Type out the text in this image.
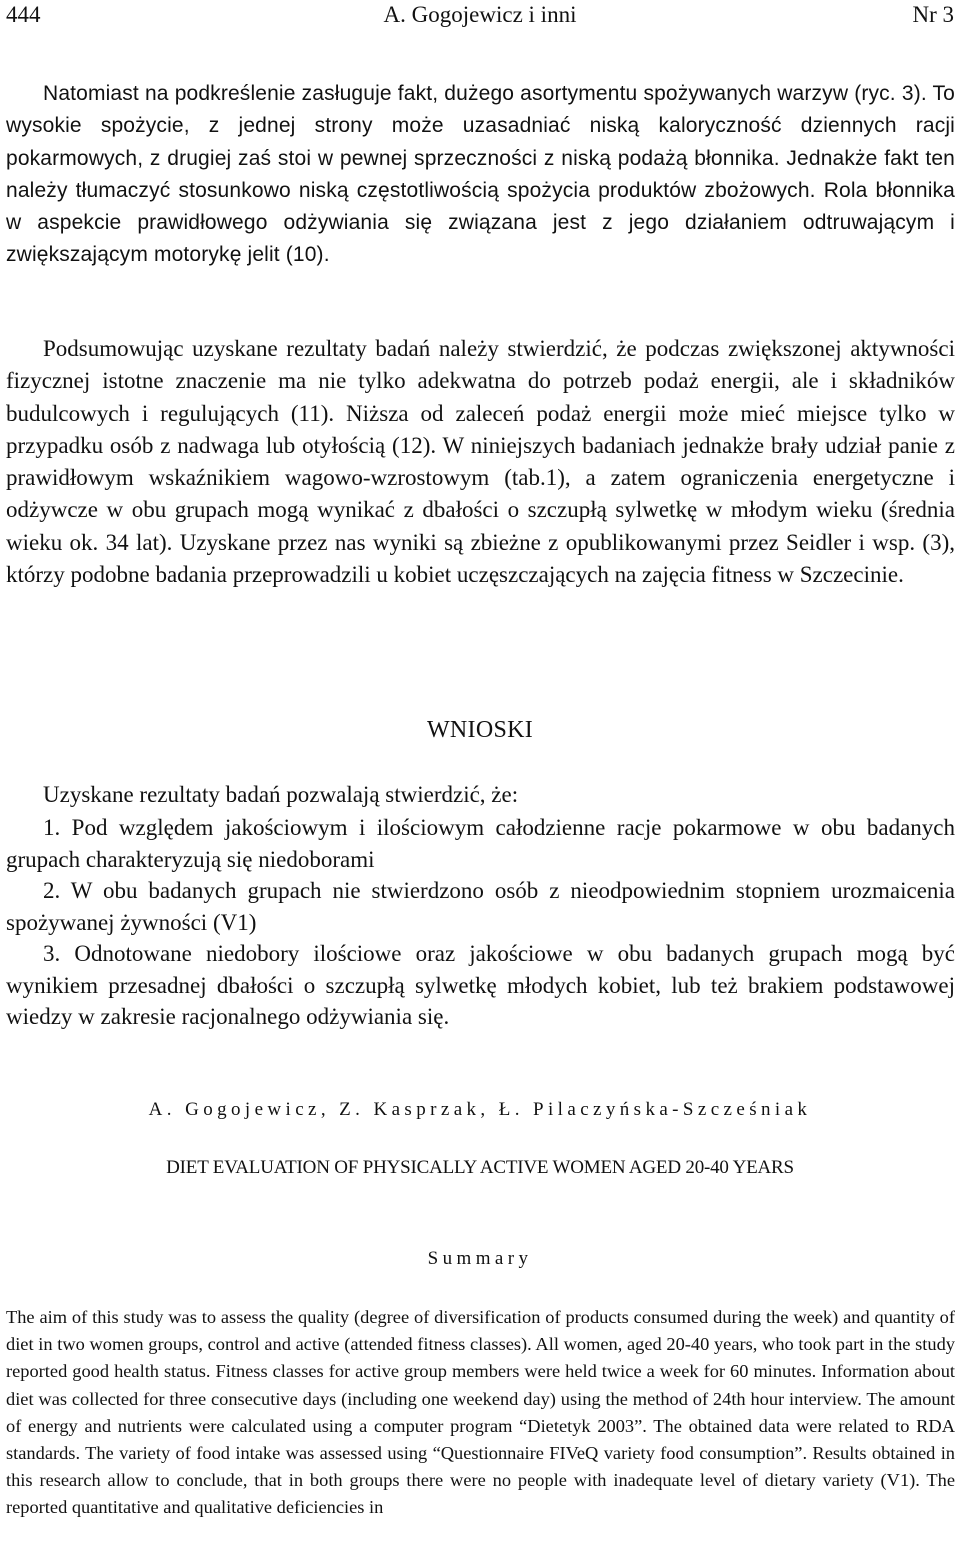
444	A. Gogojewicz i inni	Nr 3

Natomiast na podkreślenie zasługuje fakt, dużego asortymentu spożywanych warzyw (ryc. 3). To wysokie spożycie, z jednej strony może uzasadniać niską kaloryczność dziennych racji pokarmowych, z drugiej zaś stoi w pewnej sprzeczności z niską podażą błonnika. Jednakże fakt ten należy tłumaczyć stosunkowo niską częstotliwością spożycia produktów zbożowych. Rola błonnika w aspekcie prawidłowego odżywiania się związana jest z jego działaniem odtruwającym i zwiększającym motorykę jelit (10).

Podsumowując uzyskane rezultaty badań należy stwierdzić, że podczas zwiększonej aktywności fizycznej istotne znaczenie ma nie tylko adekwatna do potrzeb podaż energii, ale i składników budulcowych i regulujących (11). Niższa od zaleceń podaż energii może mieć miejsce tylko w przypadku osób z nadwaga lub otyłością (12). W niniejszych badaniach jednakże brały udział panie z prawidłowym wskaźnikiem wagowo-wzrostowym (tab.1), a zatem ograniczenia energetyczne i odżywcze w obu grupach mogą wynikać z dbałości o szczupłą sylwetkę w młodym wieku (średnia wieku ok. 34 lat). Uzyskane przez nas wyniki są zbieżne z opublikowanymi przez Seidler i wsp. (3), którzy podobne badania przeprowadzili u kobiet uczęszczających na zajęcia fitness w Szczecinie.

WNIOSKI

Uzyskane rezultaty badań pozwalają stwierdzić, że:

1. Pod względem jakościowym i ilościowym całodzienne racje pokarmowe w obu badanych grupach charakteryzują się niedoborami
2. W obu badanych grupach nie stwierdzono osób z nieodpowiednim stopniem urozmaicenia spożywanej żywności (V1)
3. Odnotowane niedobory ilościowe oraz jakościowe w obu badanych grupach mogą być wynikiem przesadnej dbałości o szczupłą sylwetkę młodych kobiet, lub też brakiem podstawowej wiedzy w zakresie racjonalnego odżywiania się.
A. Gogojewicz, Z. Kasprzak, Ł. Pilaczyńska-Szcześniak
DIET EVALUATION OF PHYSICALLY ACTIVE WOMEN AGED 20-40 YEARS
Summary

The aim of this study was to assess the quality (degree of diversification of products consumed during the week) and quantity of diet in two women groups, control and active (attended fitness classes). All women, aged 20-40 years, who took part in the study reported good health status. Fitness classes for active group members were held twice a week for 60 minutes. Information about diet was collected for three consecutive days (including one weekend day) using the method of 24th hour interview. The amount of energy and nutrients were calculated using a computer program “Dietetyk 2003”. The obtained data were related to RDA standards. The variety of food intake was assessed using “Questionnaire FIVeQ variety food consumption”. Results obtained in this research allow to conclude, that in both groups there were no people with inadequate level of dietary variety (V1). The reported quantitative and qualitative deficiencies in
